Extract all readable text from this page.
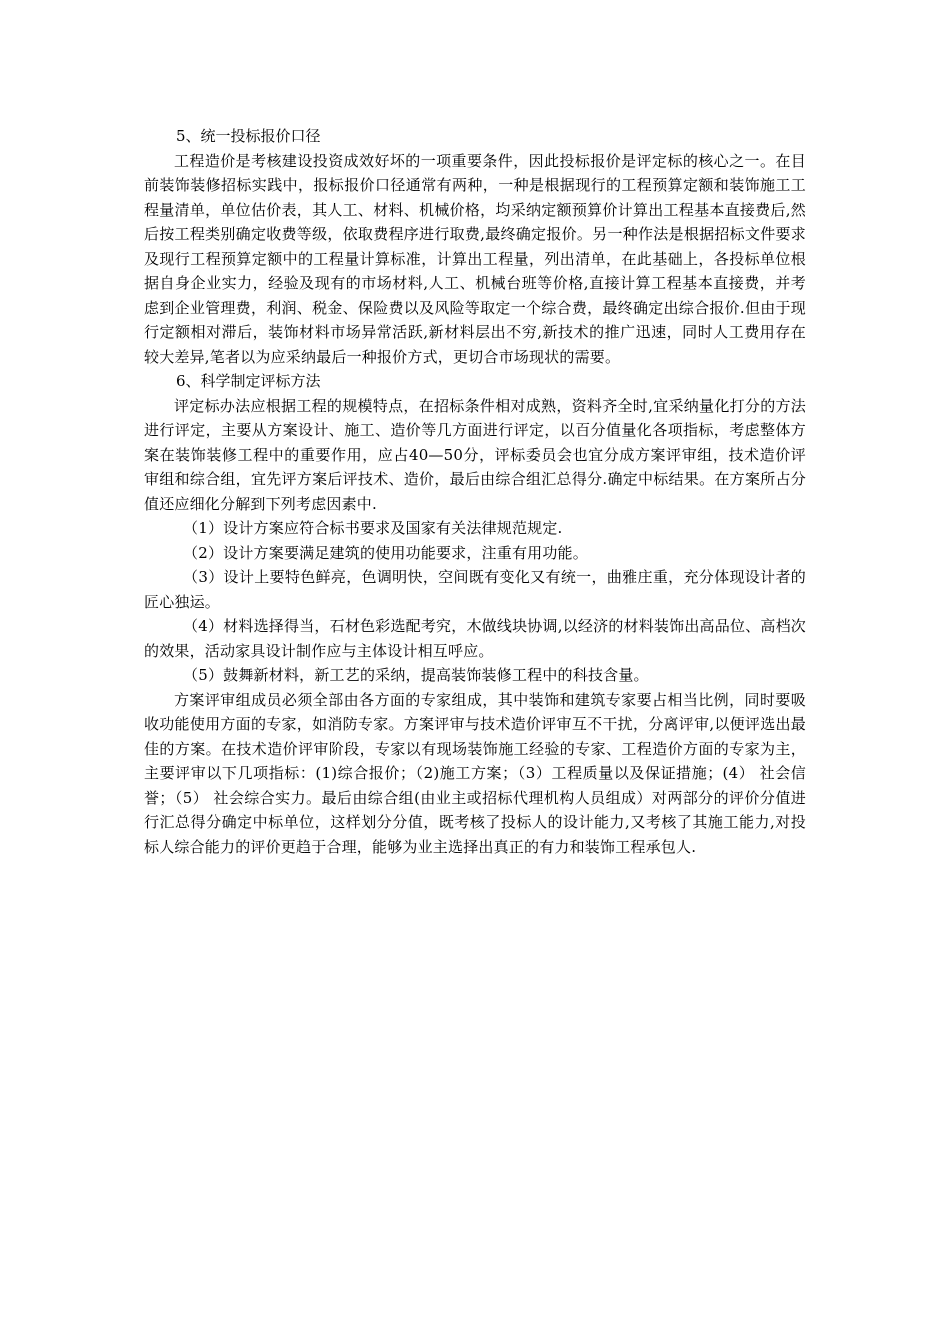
5、统一投标报价口径

工程造价是考核建设投资成效好坏的一项重要条件，因此投标报价是评定标的核心之一。在目前装饰装修招标实践中，报标报价口径通常有两种，一种是根据现行的工程预算定额和装饰施工工程量清单，单位估价表，其人工、材料、机械价格，均采纳定额预算价计算出工程基本直接费后,然后按工程类别确定收费等级，依取费程序进行取费,最终确定报价。另一种作法是根据招标文件要求及现行工程预算定额中的工程量计算标准，计算出工程量，列出清单，在此基础上，各投标单位根据自身企业实力，经验及现有的市场材料,人工、机械台班等价格,直接计算工程基本直接费，并考虑到企业管理费，利润、税金、保险费以及风险等取定一个综合费，最终确定出综合报价.但由于现行定额相对滞后，装饰材料市场异常活跃,新材料层出不穷,新技术的推广迅速，同时人工费用存在较大差异,笔者以为应采纳最后一种报价方式，更切合市场现状的需要。

6、科学制定评标方法

评定标办法应根据工程的规模特点，在招标条件相对成熟，资料齐全时,宜采纳量化打分的方法进行评定，主要从方案设计、施工、造价等几方面进行评定，以百分值量化各项指标，考虑整体方案在装饰装修工程中的重要作用，应占40—50分，评标委员会也宜分成方案评审组，技术造价评审组和综合组，宜先评方案后评技术、造价，最后由综合组汇总得分.确定中标结果。在方案所占分值还应细化分解到下列考虑因素中.

（1）设计方案应符合标书要求及国家有关法律规范规定.

（2）设计方案要满足建筑的使用功能要求，注重有用功能。

（3）设计上要特色鲜亮，色调明快，空间既有变化又有统一，曲雅庄重，充分体现设计者的匠心独运。

（4）材料选择得当，石材色彩选配考究，木做线块协调,以经济的材料装饰出高品位、高档次的效果，活动家具设计制作应与主体设计相互呼应。

（5）鼓舞新材料，新工艺的采纳，提高装饰装修工程中的科技含量。

方案评审组成员必须全部由各方面的专家组成，其中装饰和建筑专家要占相当比例，同时要吸收功能使用方面的专家，如消防专家。方案评审与技术造价评审互不干扰，分离评审,以便评选出最佳的方案。在技术造价评审阶段，专家以有现场装饰施工经验的专家、工程造价方面的专家为主，主要评审以下几项指标：(1)综合报价；（2)施工方案；（3）工程质量以及保证措施；(4） 社会信誉；（5） 社会综合实力。最后由综合组(由业主或招标代理机构人员组成）对两部分的评价分值进行汇总得分确定中标单位，这样划分分值，既考核了投标人的设计能力,又考核了其施工能力,对投标人综合能力的评价更趋于合理，能够为业主选择出真正的有力和装饰工程承包人.
